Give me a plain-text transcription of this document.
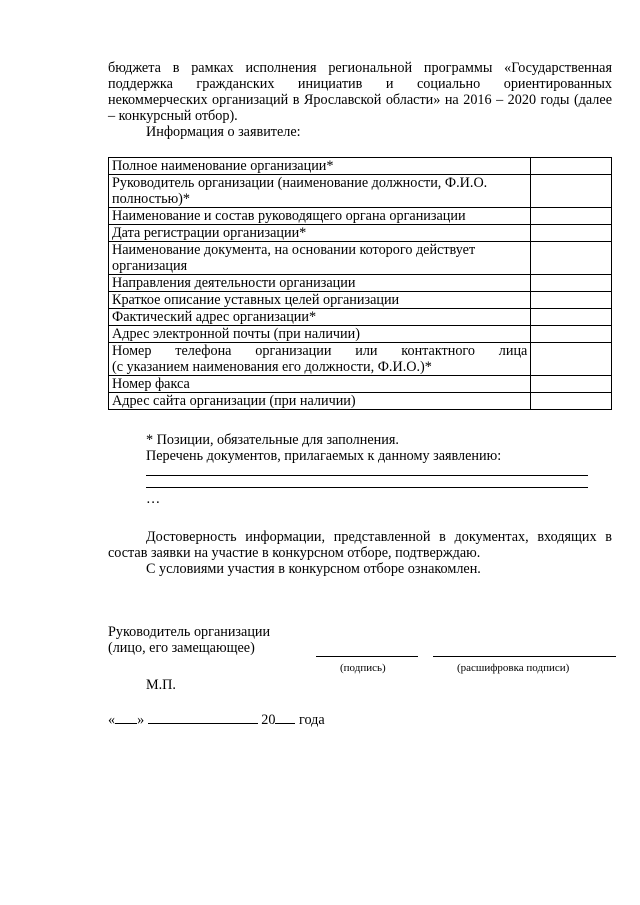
бюджета в рамках исполнения региональной программы «Государственная поддержка гражданских инициатив и социально ориентированных некоммерческих организаций в Ярославской области» на 2016 – 2020 годы (далее – конкурсный отбор).

Информация о заявителе:

Полное наименование организации*	
Руководитель организации (наименование должности, Ф.И.О. полностью)*	
Наименование и состав руководящего органа организации	
Дата регистрации организации*	
Наименование документа, на основании которого действует организация	
Направления деятельности организации	
Краткое описание уставных целей организации	
Фактический адрес организации*	
Адрес электронной почты (при наличии)	

Номер телефона организации или контактного лица
(с указанием наименования его должности, Ф.И.О.)*	

Номер факса	
Адрес сайта организации (при наличии)	

* Позиции, обязательные для заполнения.

Перечень документов, прилагаемых к данному заявлению:

…

Достоверность информации, представленной в документах, входящих в состав заявки на участие в конкурсном отборе, подтверждаю.

С условиями участия в конкурсном отборе ознакомлен.

Руководитель организации
(лицо, его замещающее)
(подпись)	(расшифровка подписи)
М.П.
« »	20 года
